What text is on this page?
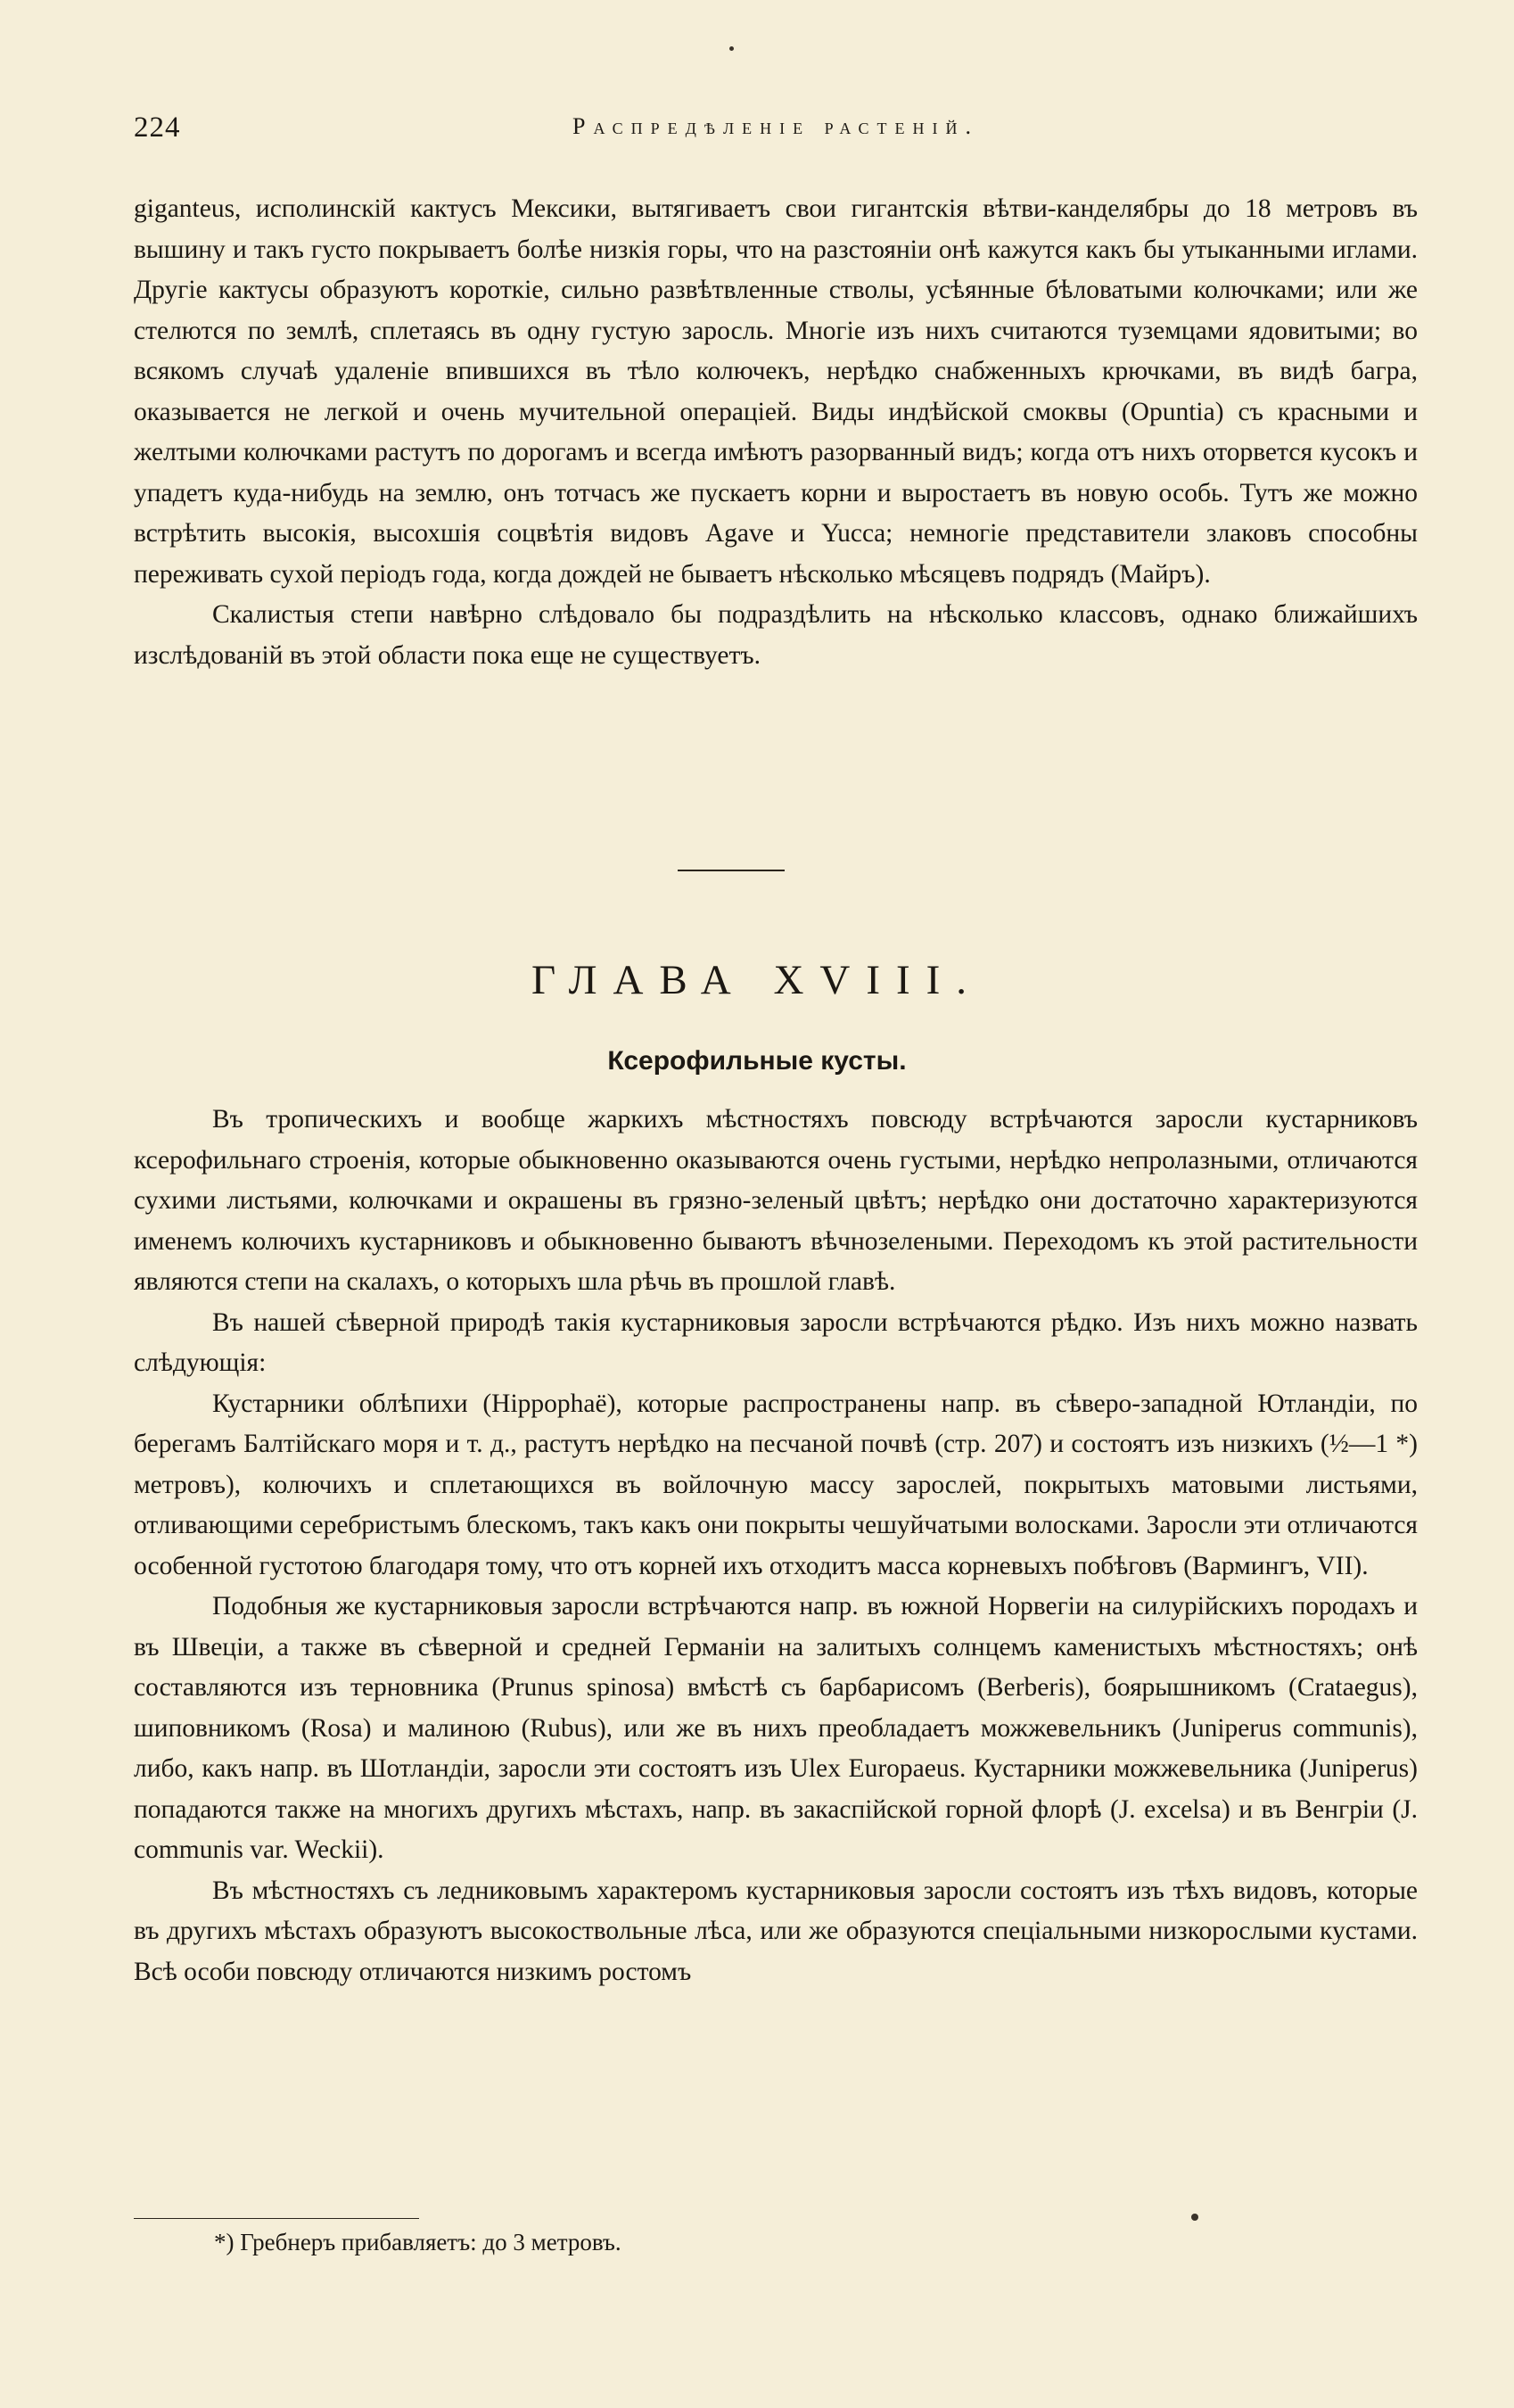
224	Распредѣленіе растеній.

gigantеus, исполинскій кактусъ Мексики, вытягиваетъ свои гигантскія вѣтви-канделябры до 18 метровъ въ вышину и такъ густо покрываетъ болѣе низкія горы, что на разстояніи онѣ кажутся какъ бы утыканными иглами. Другіе кактусы образуютъ короткіе, сильно развѣтвленные стволы, усѣянные бѣловатыми колючками; или же стелются по землѣ, сплетаясь въ одну густую заросль. Многіе изъ нихъ считаются туземцами ядовитыми; во всякомъ случаѣ удаленіе впившихся въ тѣло колючекъ, нерѣдко снабженныхъ крючками, въ видѣ багра, оказывается не легкой и очень мучительной операціей. Виды индѣйской смоквы (Opuntia) съ красными и желтыми колючками растутъ по дорогамъ и всегда имѣютъ разорванный видъ; когда отъ нихъ оторвется кусокъ и упадетъ куда-нибудь на землю, онъ тотчасъ же пускаетъ корни и выростаетъ въ новую особь. Тутъ же можно встрѣтить высокія, высохшія соцвѣтія видовъ Agave и Yucca; немногіе представители злаковъ способны переживать сухой періодъ года, когда дождей не бываетъ нѣсколько мѣсяцевъ подрядъ (Майръ).

Скалистыя степи навѣрно слѣдовало бы подраздѣлить на нѣсколько классовъ, однако ближайшихъ изслѣдованій въ этой области пока еще не существуетъ.

ГЛАВА XVIII.
Ксерофильные кусты.

Въ тропическихъ и вообще жаркихъ мѣстностяхъ повсюду встрѣчаются заросли кустарниковъ ксерофильнаго строенія, которые обыкновенно оказываются очень густыми, нерѣдко непролазными, отличаются сухими листьями, колючками и окрашены въ грязно-зеленый цвѣтъ; нерѣдко они достаточно характеризуются именемъ колючихъ кустарниковъ и обыкновенно бываютъ вѣчнозелеными. Переходомъ къ этой растительности являются степи на скалахъ, о которыхъ шла рѣчь въ прошлой главѣ.

Въ нашей сѣверной природѣ такія кустарниковыя заросли встрѣчаются рѣдко. Изъ нихъ можно назвать слѣдующія:

Кустарники облѣпихи (Hippophaё), которые распространены напр. въ сѣверо-западной Ютландіи, по берегамъ Балтійскаго моря и т. д., растутъ нерѣдко на песчаной почвѣ (стр. 207) и состоятъ изъ низкихъ (½—1 *) метровъ), колючихъ и сплетающихся въ войлочную массу зарослей, покрытыхъ матовыми листьями, отливающими серебристымъ блескомъ, такъ какъ они покрыты чешуйчатыми волосками. Заросли эти отличаются особенной густотою благодаря тому, что отъ корней ихъ отходитъ масса корневыхъ побѣговъ (Вармингъ, VII).

Подобныя же кустарниковыя заросли встрѣчаются напр. въ южной Норвегіи на силурійскихъ породахъ и въ Швеціи, а также въ сѣверной и средней Германіи на залитыхъ солнцемъ каменистыхъ мѣстностяхъ; онѣ составляются изъ терновника (Prunus spinosa) вмѣстѣ съ барбарисомъ (Berberis), боярышникомъ (Crataegus), шиповникомъ (Rosa) и малиною (Rubus), или же въ нихъ преобладаетъ можжевельникъ (Juniperus communis), либо, какъ напр. въ Шотландіи, заросли эти состоятъ изъ Ulex Europaeus. Кустарники можжевельника (Juniperus) попадаются также на многихъ другихъ мѣстахъ, напр. въ закаспійской горной флорѣ (J. excelsa) и въ Венгріи (J. communis var. Weckii).

Въ мѣстностяхъ съ ледниковымъ характеромъ кустарниковыя заросли состоятъ изъ тѣхъ видовъ, которые въ другихъ мѣстахъ образуютъ высокоствольные лѣса, или же образуются спеціальными низкорослыми кустами. Всѣ особи повсюду отличаются низкимъ ростомъ

*) Гребнеръ прибавляетъ: до 3 метровъ.
